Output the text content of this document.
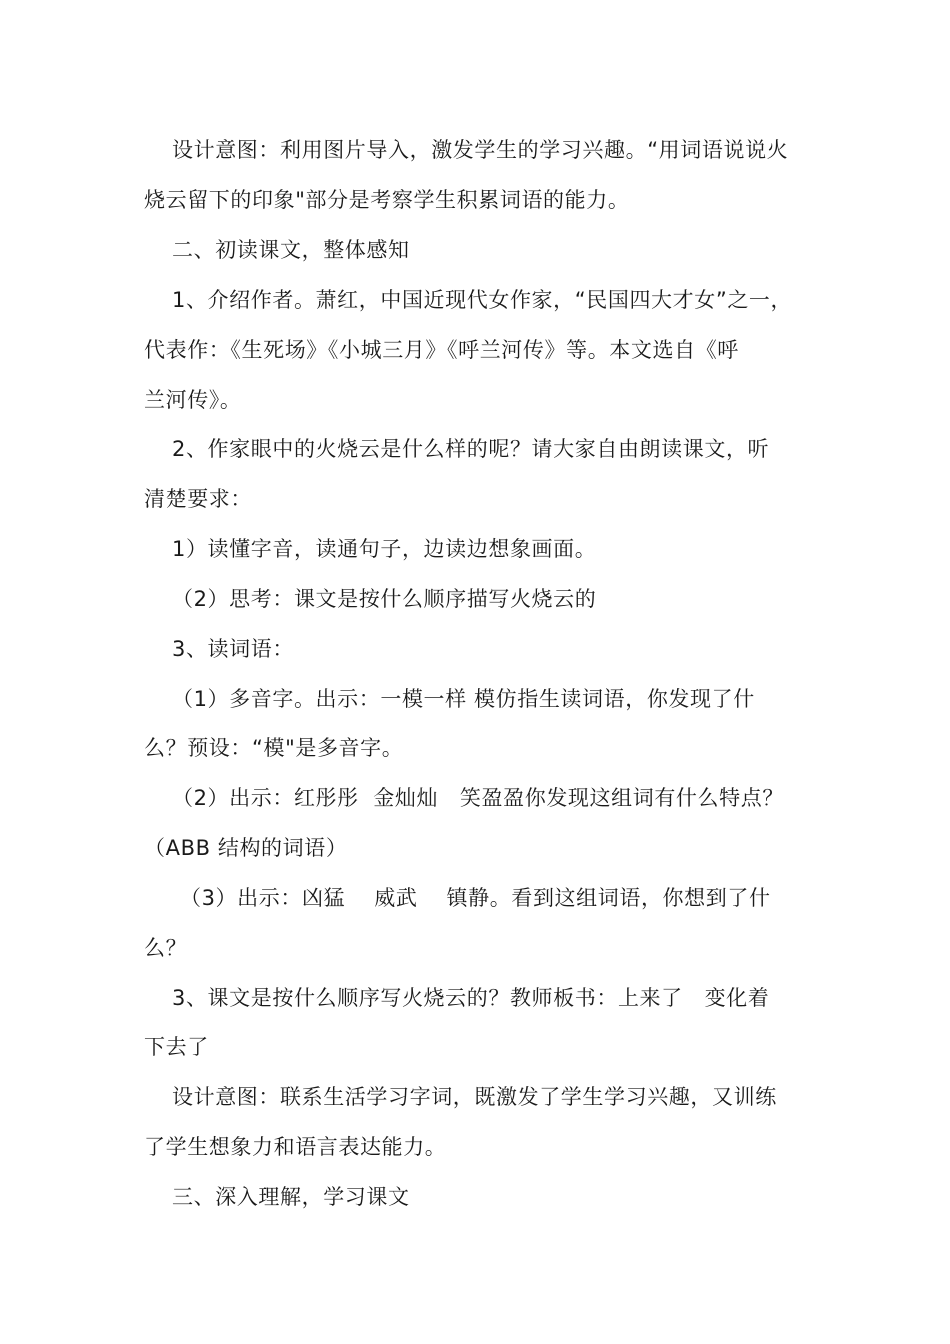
设计意图：利用图片导入，激发学生的学习兴趣。“用词语说说火
烧云留下的印象"部分是考察学生积累词语的能力。
二、初读课文，整体感知
1、介绍作者。萧红，中国近现代女作家，“民国四大才女”之一，
代表作：《生死场》《小城三月》《呼兰河传》等。本文选自《呼
兰河传》。
2、作家眼中的火烧云是什么样的呢？请大家自由朗读课文，听
清楚要求：
1）读懂字音，读通句子，边读边想象画面。
（2）思考：课文是按什么顺序描写火烧云的
3、读词语：
（1）多音字。出示：一模一样 模仿指生读词语，你发现了什
么？预设：“模"是多音字。
（2）出示：红彤彤  金灿灿   笑盈盈你发现这组词有什么特点？
（ABB 结构的词语）
（3）出示：凶猛    威武    镇静。看到这组词语，你想到了什
么？
3、课文是按什么顺序写火烧云的？教师板书：上来了   变化着
下去了
设计意图：联系生活学习字词，既激发了学生学习兴趣，又训练
了学生想象力和语言表达能力。
三、深入理解，学习课文
